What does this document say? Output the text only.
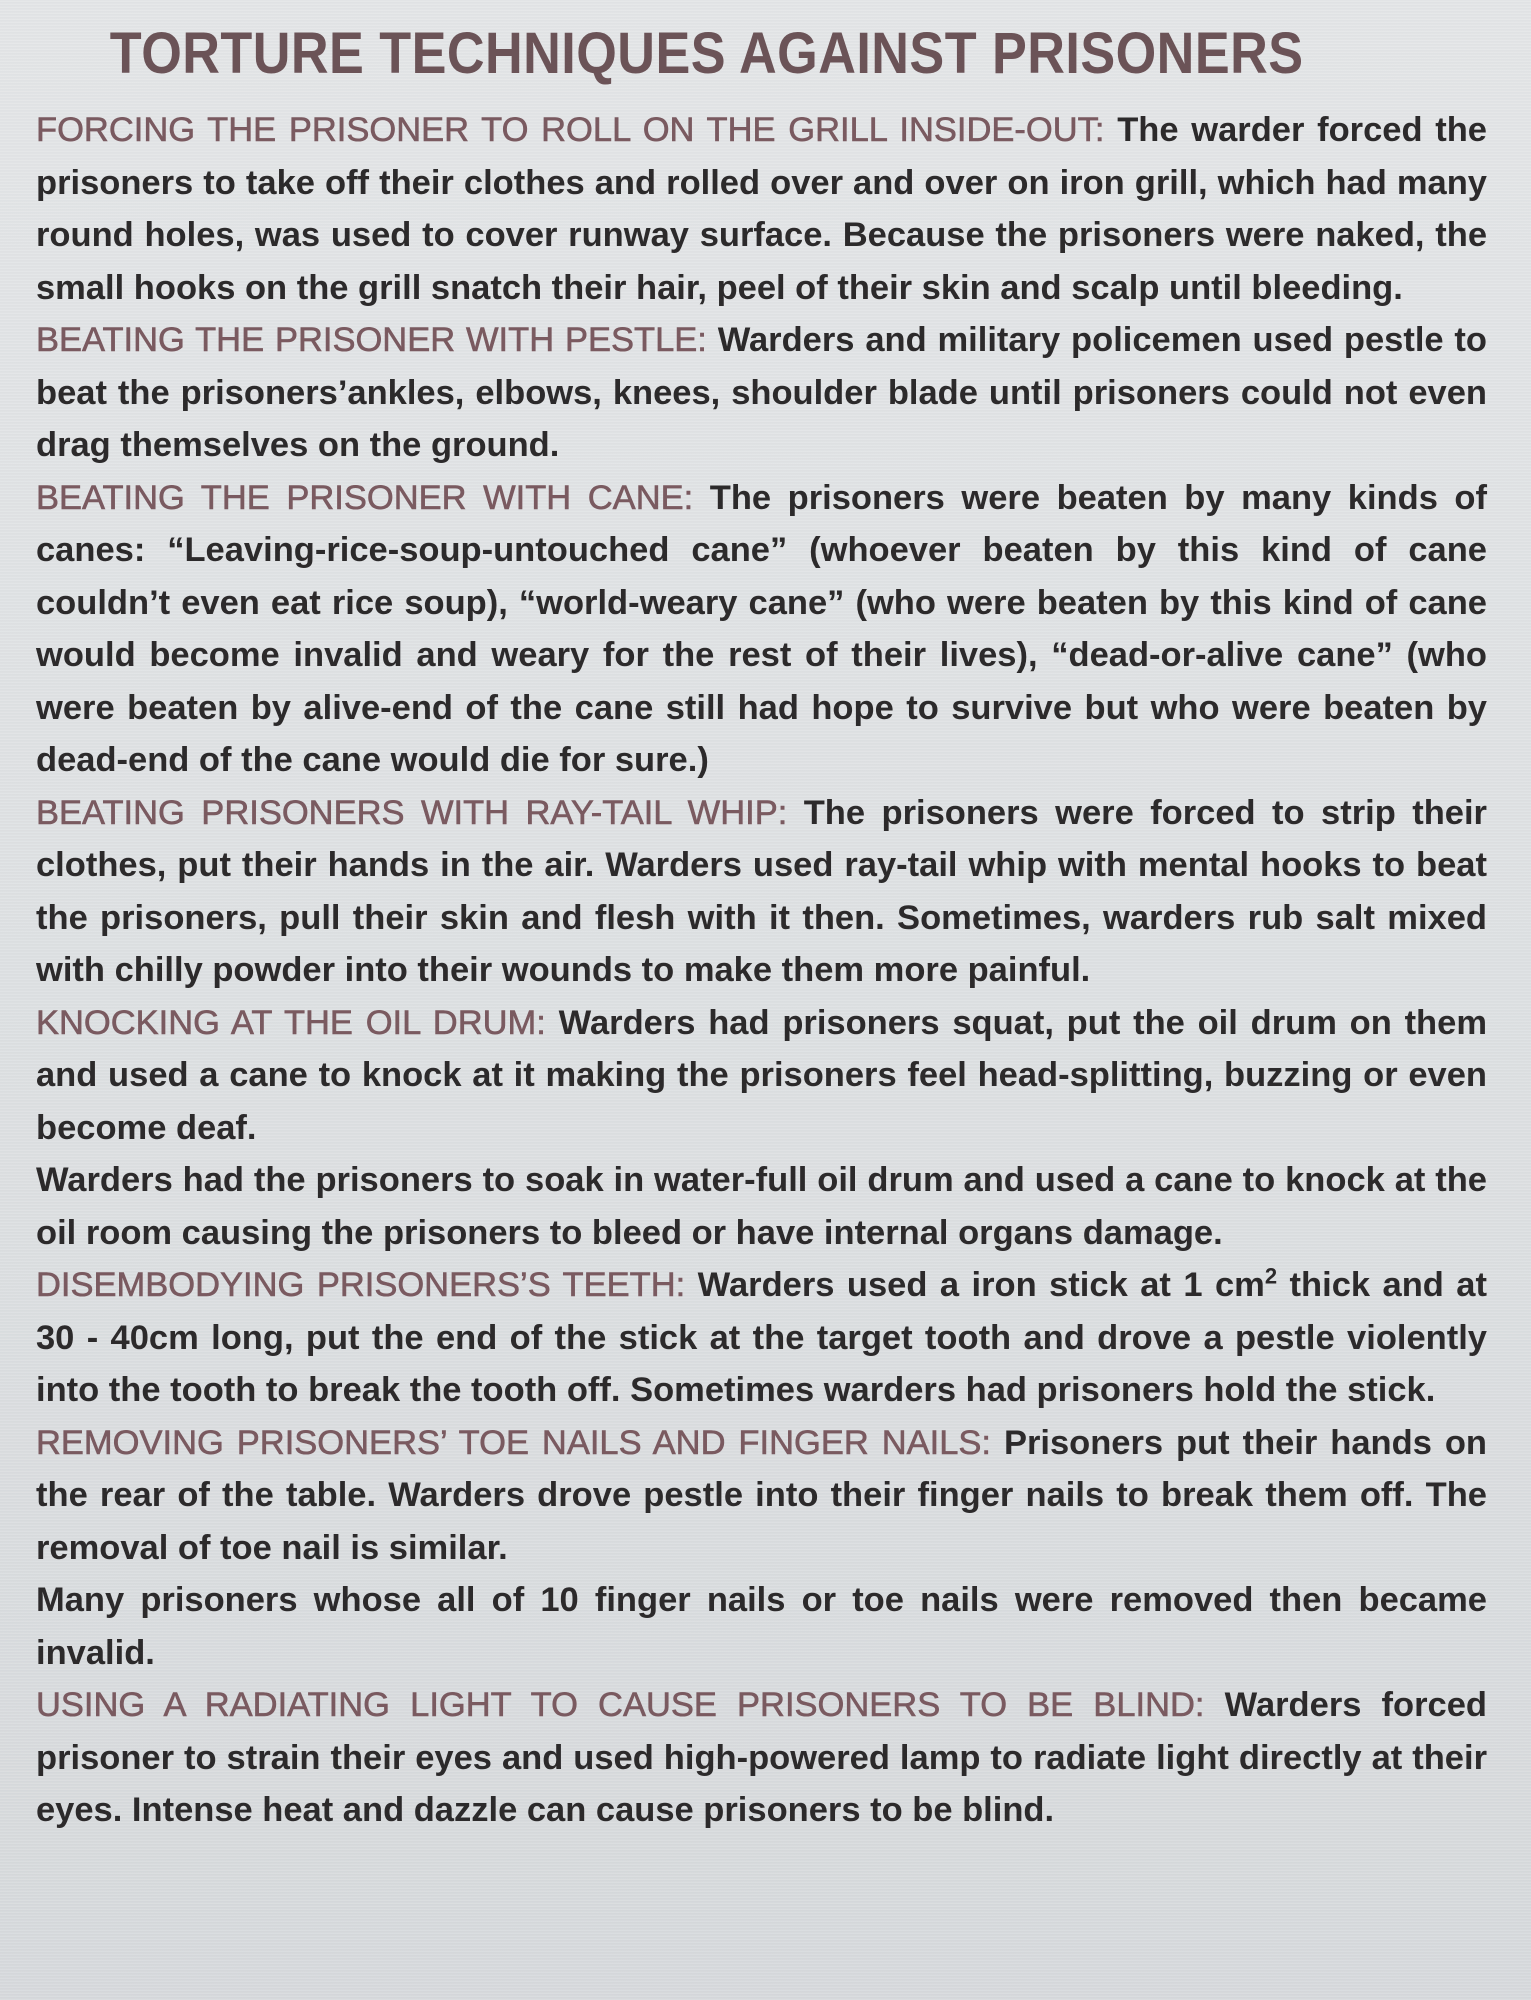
TORTURE TECHNIQUES AGAINST PRISONERS

FORCING THE PRISONER TO ROLL ON THE GRILL INSIDE-OUT: The warder forced the prisoners to take off their clothes and rolled over and over on iron grill, which had many round holes, was used to cover runway surface. Because the prisoners were naked, the small hooks on the grill snatch their hair, peel of their skin and scalp until bleeding.

BEATING THE PRISONER WITH PESTLE: Warders and military policemen used pestle to beat the prisoners’ankles, elbows, knees, shoulder blade until prisoners could not even drag themselves on the ground.

BEATING THE PRISONER WITH CANE: The prisoners were beaten by many kinds of canes: “Leaving-rice-soup-untouched cane” (whoever beaten by this kind of cane couldn’t even eat rice soup), “world-weary cane” (who were beaten by this kind of cane would become invalid and weary for the rest of their lives), “dead-or-alive cane” (who were beaten by alive-end of the cane still had hope to survive but who were beaten by dead-end of the cane would die for sure.)

BEATING PRISONERS WITH RAY-TAIL WHIP: The prisoners were forced to strip their clothes, put their hands in the air. Warders used ray-tail whip with mental hooks to beat the prisoners, pull their skin and flesh with it then. Sometimes, warders rub salt mixed with chilly powder into their wounds to make them more painful.

KNOCKING AT THE OIL DRUM: Warders had prisoners squat, put the oil drum on them and used a cane to knock at it making the prisoners feel head-splitting, buzzing or even become deaf.
Warders had the prisoners to soak in water-full oil drum and used a cane to knock at the oil room causing the prisoners to bleed or have internal organs damage.

DISEMBODYING PRISONERS’S TEETH: Warders used a iron stick at 1 $cm^2$ thick and at 30 - 40cm long, put the end of the stick at the target tooth and drove a pestle violently into the tooth to break the tooth off. Sometimes warders had prisoners hold the stick.

REMOVING PRISONERS’ TOE NAILS AND FINGER NAILS: Prisoners put their hands on the rear of the table. Warders drove pestle into their finger nails to break them off. The removal of toe nail is similar.
Many prisoners whose all of 10 finger nails or toe nails were removed then became invalid.

USING A RADIATING LIGHT TO CAUSE PRISONERS TO BE BLIND: Warders forced prisoner to strain their eyes and used high-powered lamp to radiate light directly at their eyes. Intense heat and dazzle can cause prisoners to be blind.
